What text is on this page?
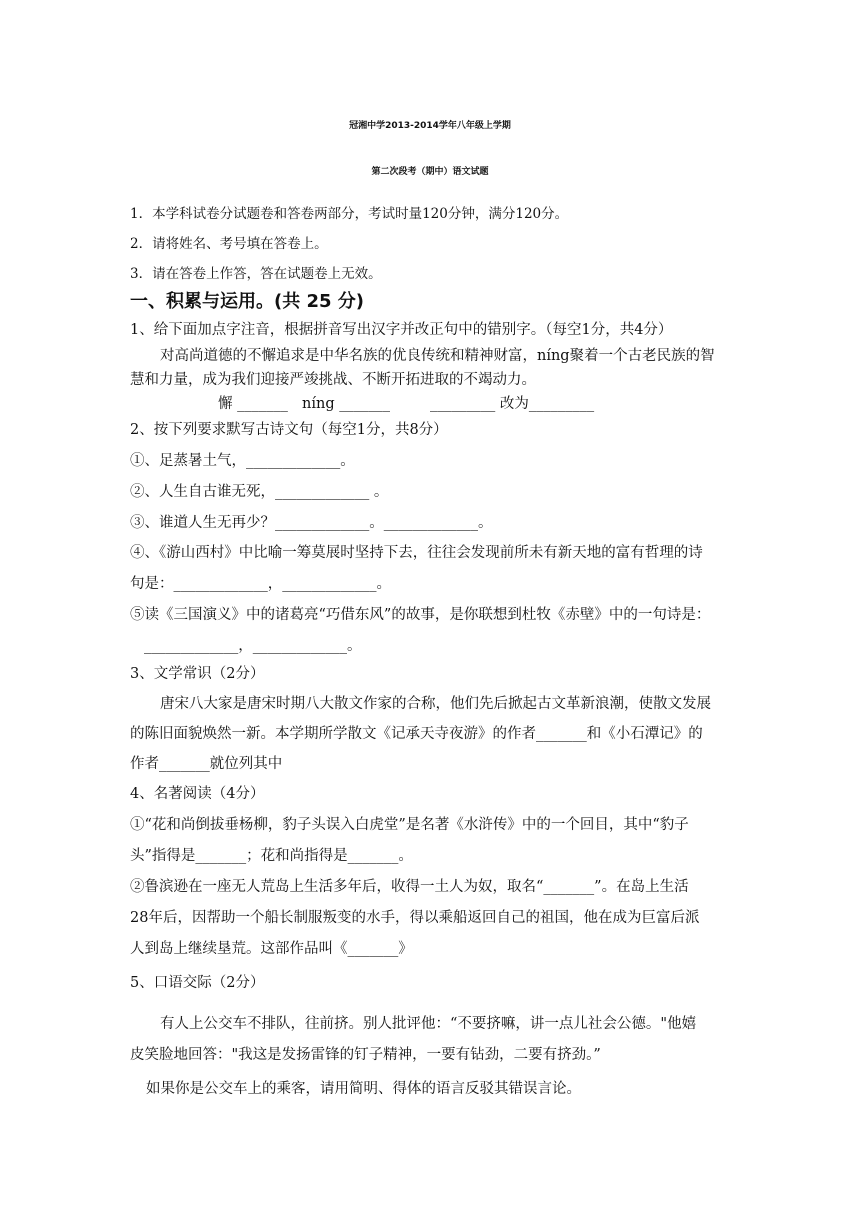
冠湘中学2013-2014学年八年级上学期
第二次段考（期中）语文试题
1．本学科试卷分试题卷和答卷两部分，考试时量120分钟，满分120分。
2．请将姓名、考号填在答卷上。
3．请在答卷上作答，答在试题卷上无效。
一、积累与运用。(共 25 分)
1、给下面加点字注音，根据拼音写出汉字并改正句中的错别字。（每空1分，共4分）
对高尚道德的不懈追求是中华名族的优良传统和精神财富，níng聚着一个古老民族的智
慧和力量，成为我们迎接严竣挑战、不断开拓进取的不竭动力。
懈 _______ níng _______	_________ 改为_________
2、按下列要求默写古诗文句（每空1分，共8分）
①、足蒸暑土气，_____________。
②、人生自古谁无死，_____________ 。
③、谁道人生无再少？_____________。_____________。
④、《游山西村》中比喻一筹莫展时坚持下去，往往会发现前所未有新天地的富有哲理的诗
句是：_____________，_____________。
⑤读《三国演义》中的诸葛亮“巧借东风”的故事，是你联想到杜牧《赤壁》中的一句诗是：
_____________，_____________。
3、文学常识（2分）
唐宋八大家是唐宋时期八大散文作家的合称，他们先后掀起古文革新浪潮，使散文发展
的陈旧面貌焕然一新。本学期所学散文《记承天寺夜游》的作者_______和《小石潭记》的
作者_______就位列其中
4、名著阅读（4分）
①“花和尚倒拔垂杨柳，豹子头误入白虎堂”是名著《水浒传》中的一个回目，其中“豹子
头”指得是_______；花和尚指得是_______。
②鲁滨逊在一座无人荒岛上生活多年后，收得一土人为奴，取名“_______”。在岛上生活
28年后，因帮助一个船长制服叛变的水手，得以乘船返回自己的祖国，他在成为巨富后派
人到岛上继续垦荒。这部作品叫《_______》
5、口语交际（2分）
有人上公交车不排队，往前挤。别人批评他：“不要挤嘛，讲一点儿社会公德。"他嬉
皮笑脸地回答："我这是发扬雷锋的钉子精神，一要有钻劲，二要有挤劲。”
如果你是公交车上的乘客，请用简明、得体的语言反驳其错误言论。
